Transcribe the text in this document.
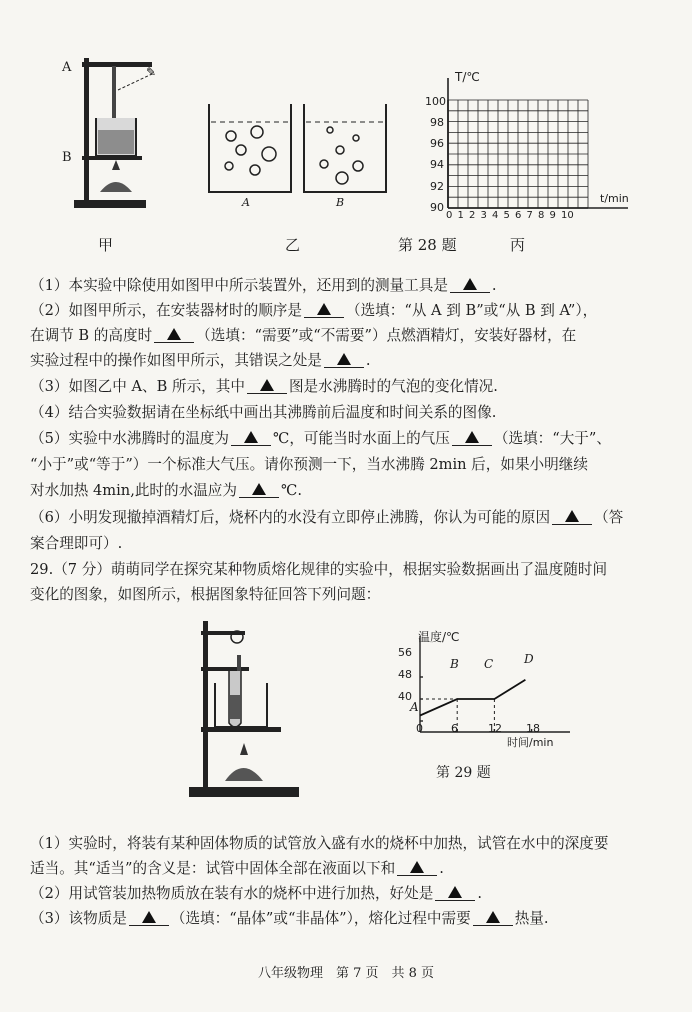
✎
A
B
A	B
T/℃
t/min
100
98
96
94
92
90
0 1 2 3 4 5 6 7 8 9 10
甲	乙	第 28 题	丙
（1）本实验中除使用如图甲中所示装置外，还用到的测量工具是	.
（2）如图甲所示，在安装器材时的顺序是	（选填：“从 A 到 B”或“从 B 到 A”），
在调节 B 的高度时	（选填：“需要”或“不需要”）点燃酒精灯，安装好器材，在
实验过程中的操作如图甲所示，其错误之处是	.
（3）如图乙中 A、B 所示，其中	图是水沸腾时的气泡的变化情况.
（4）结合实验数据请在坐标纸中画出其沸腾前后温度和时间关系的图像.
（5）实验中水沸腾时的温度为	℃，可能当时水面上的气压	（选填：“大于”、
“小于”或“等于”）一个标准大气压。请你预测一下，当水沸腾 2min 后，如果小明继续
对水加热 4min,此时的水温应为	℃.
（6）小明发现撤掉酒精灯后，烧杯内的水没有立即停止沸腾，你认为可能的原因	（答
案合理即可）.
29.（7 分）萌萌同学在探究某种物质熔化规律的实验中，根据实验数据画出了温度随时间
变化的图象，如图所示，根据图象特征回答下列问题：
温度/℃
时间/min
56
48
40
0	6	12 18
A
B C	D
第 29 题
（1）实验时，将装有某种固体物质的试管放入盛有水的烧杯中加热，试管在水中的深度要
适当。其“适当”的含义是：试管中固体全部在液面以下和	.
（2）用试管装加热物质放在装有水的烧杯中进行加热，好处是	.
（3）该物质是	（选填：“晶体”或“非晶体”），熔化过程中需要	热量.
八年级物理　第 7 页　共 8 页
